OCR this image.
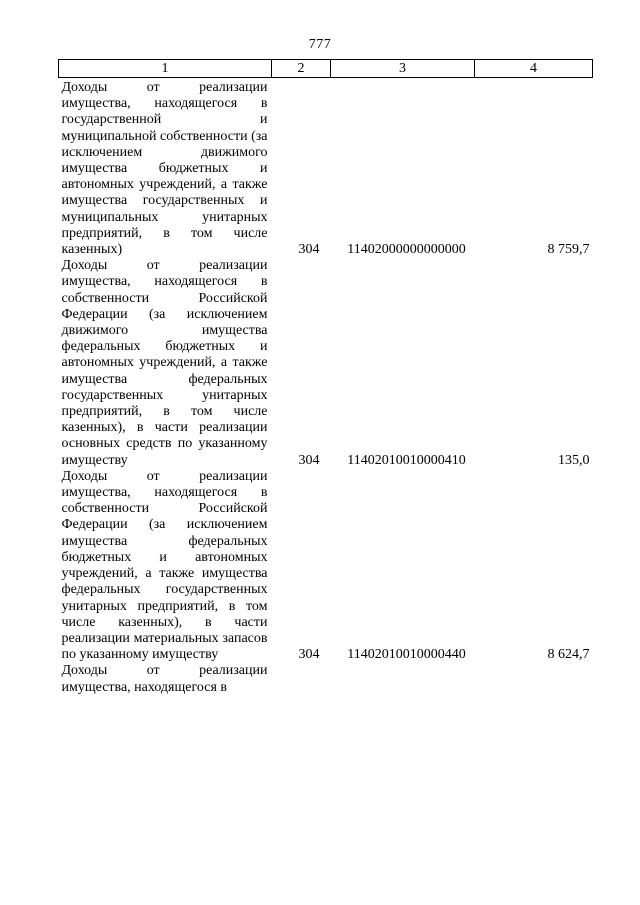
777
1	2	3	4
Доходы от реализации имущества, находящегося в государственной и муниципальной собственности (за исключением движимого имущества бюджетных и автономных учреждений, а также имущества государственных и муниципальных унитарных предприятий, в том числе казенных)	304	11402000000000000	8 759,7
Доходы от реализации имущества, находящегося в собственности Российской Федерации (за исключением движимого имущества федеральных бюджетных и автономных учреждений, а также имущества федеральных государственных унитарных предприятий, в том числе казенных), в части реализации основных средств по указанному имуществу	304	11402010010000410	135,0
Доходы от реализации имущества, находящегося в собственности Российской Федерации (за исключением имущества федеральных бюджетных и автономных учреждений, а также имущества федеральных государственных унитарных предприятий, в том числе казенных), в части реализации материальных запасов по указанному имуществу	304	11402010010000440	8 624,7
Доходы от реализации имущества, находящегося в			
